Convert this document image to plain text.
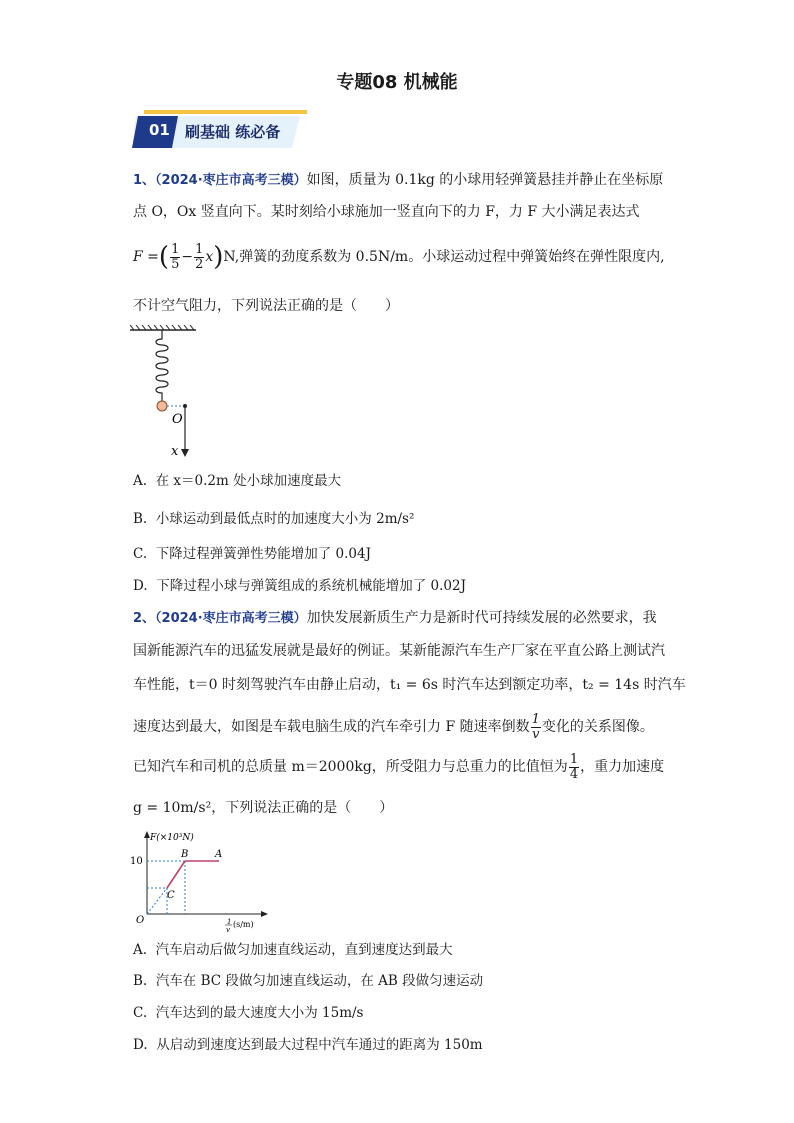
专题08 机械能
01 刷基础 练必备
1、（2024·枣庄市高考三模）如图，质量为 0.1kg 的小球用轻弹簧悬挂并静止在坐标原
点 O，Ox 竖直向下。某时刻给小球施加一竖直向下的力 F，力 F 大小满足表达式
F =( $\frac{1}{5} - \frac{1}{2} x)N$,弹簧的劲度系数为 0.5N/m。小球运动过程中弹簧始终在弹性限度内,
不计空气阻力，下列说法正确的是（　　）
O
x
A. 在 x＝0.2m 处小球加速度最大
B. 小球运动到最低点时的加速度大小为 2m/s²
C. 下降过程弹簧弹性势能增加了 0.04J
D. 下降过程小球与弹簧组成的系统机械能增加了 0.02J
2、（2024·枣庄市高考三模）加快发展新质生产力是新时代可持续发展的必然要求，我
国新能源汽车的迅猛发展就是最好的例证。某新能源汽车生产厂家在平直公路上测试汽
车性能，t＝0 时刻驾驶汽车由静止启动，t₁ = 6s 时汽车达到额定功率，t₂ = 14s 时汽车
速度达到最大，如图是车载电脑生成的汽车牵引力 F 随速率倒数 $\frac{1}{v}$ 变化的关系图像。
已知汽车和司机的总质量 m＝2000kg，所受阻力与总重力的比值恒为 $\frac{1}{4}$ ，重力加速度
g = 10m/s²，下列说法正确的是（　　）
F(×10³N)
10
O
B	A
C
1
v
(s/m)
A. 汽车启动后做匀加速直线运动，直到速度达到最大
B. 汽车在 BC 段做匀加速直线运动，在 AB 段做匀速运动
C. 汽车达到的最大速度大小为 15m/s
D. 从启动到速度达到最大过程中汽车通过的距离为 150m
